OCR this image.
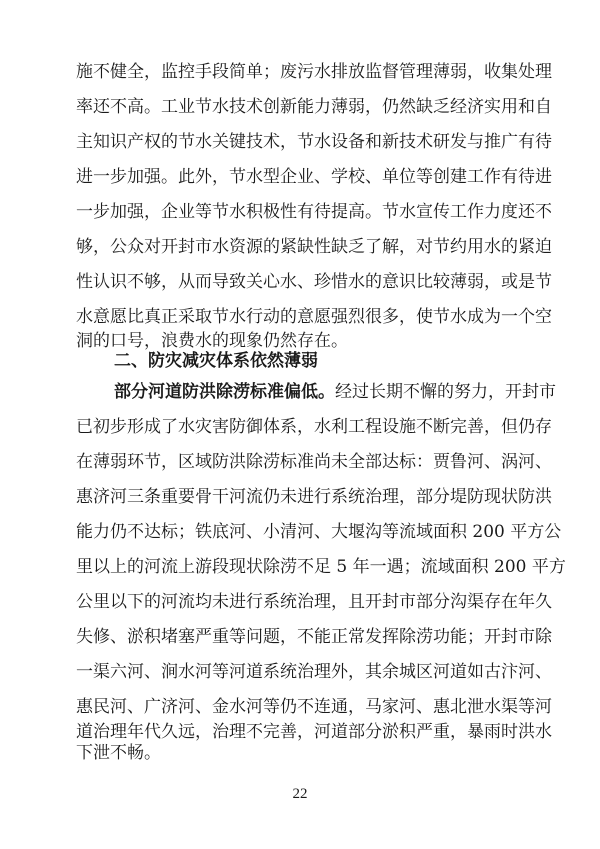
施不健全，监控手段简单；废污水排放监督管理薄弱，收集处理
率还不高。工业节水技术创新能力薄弱，仍然缺乏经济实用和自
主知识产权的节水关键技术，节水设备和新技术研发与推广有待
进一步加强。此外，节水型企业、学校、单位等创建工作有待进
一步加强，企业等节水积极性有待提高。节水宣传工作力度还不
够，公众对开封市水资源的紧缺性缺乏了解，对节约用水的紧迫
性认识不够，从而导致关心水、珍惜水的意识比较薄弱，或是节
水意愿比真正采取节水行动的意愿强烈很多，使节水成为一个空
洞的口号，浪费水的现象仍然存在。
二、防灾减灾体系依然薄弱
部分河道防洪除涝标准偏低。经过长期不懈的努力，开封市
已初步形成了水灾害防御体系，水利工程设施不断完善，但仍存
在薄弱环节，区域防洪除涝标准尚未全部达标：贾鲁河、涡河、
惠济河三条重要骨干河流仍未进行系统治理，部分堤防现状防洪
能力仍不达标；铁底河、小清河、大堰沟等流域面积 200 平方公
里以上的河流上游段现状除涝不足 5 年一遇；流域面积 200 平方
公里以下的河流均未进行系统治理，且开封市部分沟渠存在年久
失修、淤积堵塞严重等问题，不能正常发挥除涝功能；开封市除
一渠六河、涧水河等河道系统治理外，其余城区河道如古汴河、
惠民河、广济河、金水河等仍不连通，马家河、惠北泄水渠等河
道治理年代久远，治理不完善，河道部分淤积严重，暴雨时洪水
下泄不畅。
22
